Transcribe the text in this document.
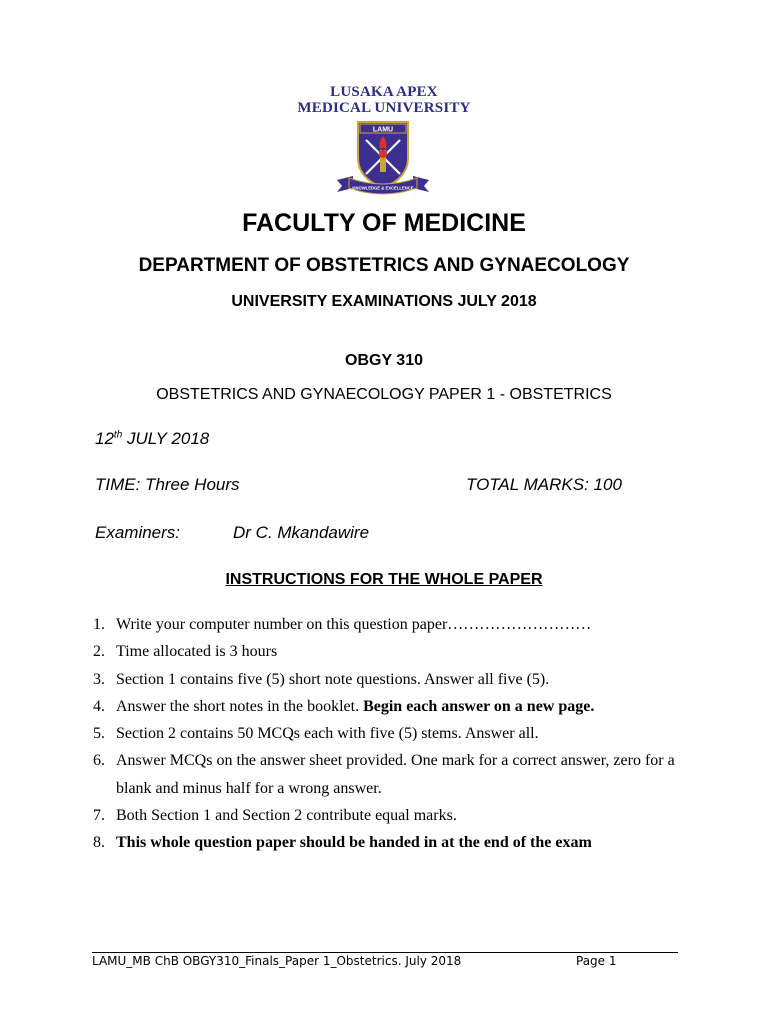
LUSAKA APEX
MEDICAL UNIVERSITY
LAMU
KNOWLEDGE & EXCELLENCE
FACULTY OF MEDICINE
DEPARTMENT OF OBSTETRICS AND GYNAECOLOGY
UNIVERSITY EXAMINATIONS JULY 2018
OBGY 310
OBSTETRICS AND GYNAECOLOGY PAPER 1 - OBSTETRICS
12th JULY 2018
TIME: Three Hours	TOTAL MARKS: 100
Examiners:	Dr C. Mkandawire
INSTRUCTIONS FOR THE WHOLE PAPER
1. Write your computer number on this question paper………………………
2. Time allocated is 3 hours
3. Section 1 contains five (5) short note questions. Answer all five (5).
4. Answer the short notes in the booklet. Begin each answer on a new page.
5. Section 2 contains 50 MCQs each with five (5) stems. Answer all.
6. Answer MCQs on the answer sheet provided. One mark for a correct answer, zero for a blank and minus half for a wrong answer.
7. Both Section 1 and Section 2 contribute equal marks.
8. This whole question paper should be handed in at the end of the exam
LAMU_MB ChB OBGY310_Finals_Paper 1_Obstetrics. July 2018	Page 1
